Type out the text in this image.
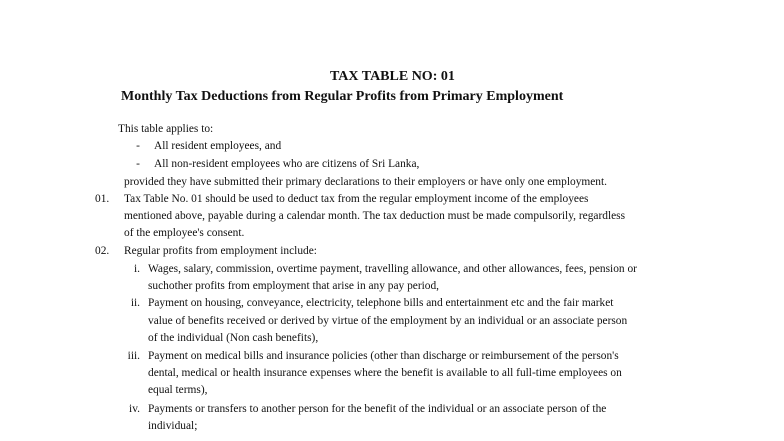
TAX TABLE NO: 01
Monthly Tax Deductions from Regular Profits from Primary Employment
This table applies to:
- All resident employees, and
- All non-resident employees who are citizens of Sri Lanka,
provided they have submitted their primary declarations to their employers or have only one employment.
01.	Tax Table No. 01 should be used to deduct tax from the regular employment income of the employees
mentioned above, payable during a calendar month. The tax deduction must be made compulsorily, regardless
of the employee's consent.
02.	Regular profits from employment include:
i. Wages, salary, commission, overtime payment, travelling allowance, and other allowances, fees, pension or
suchother profits from employment that arise in any pay period,
ii. Payment on housing, conveyance, electricity, telephone bills and entertainment etc and the fair market
value of benefits received or derived by virtue of the employment by an individual or an associate person
of the individual (Non cash benefits),
iii. Payment on medical bills and insurance policies (other than discharge or reimbursement of the person's
dental, medical or health insurance expenses where the benefit is available to all full-time employees on
equal terms),
iv. Payments or transfers to another person for the benefit of the individual or an associate person of the
individual;
